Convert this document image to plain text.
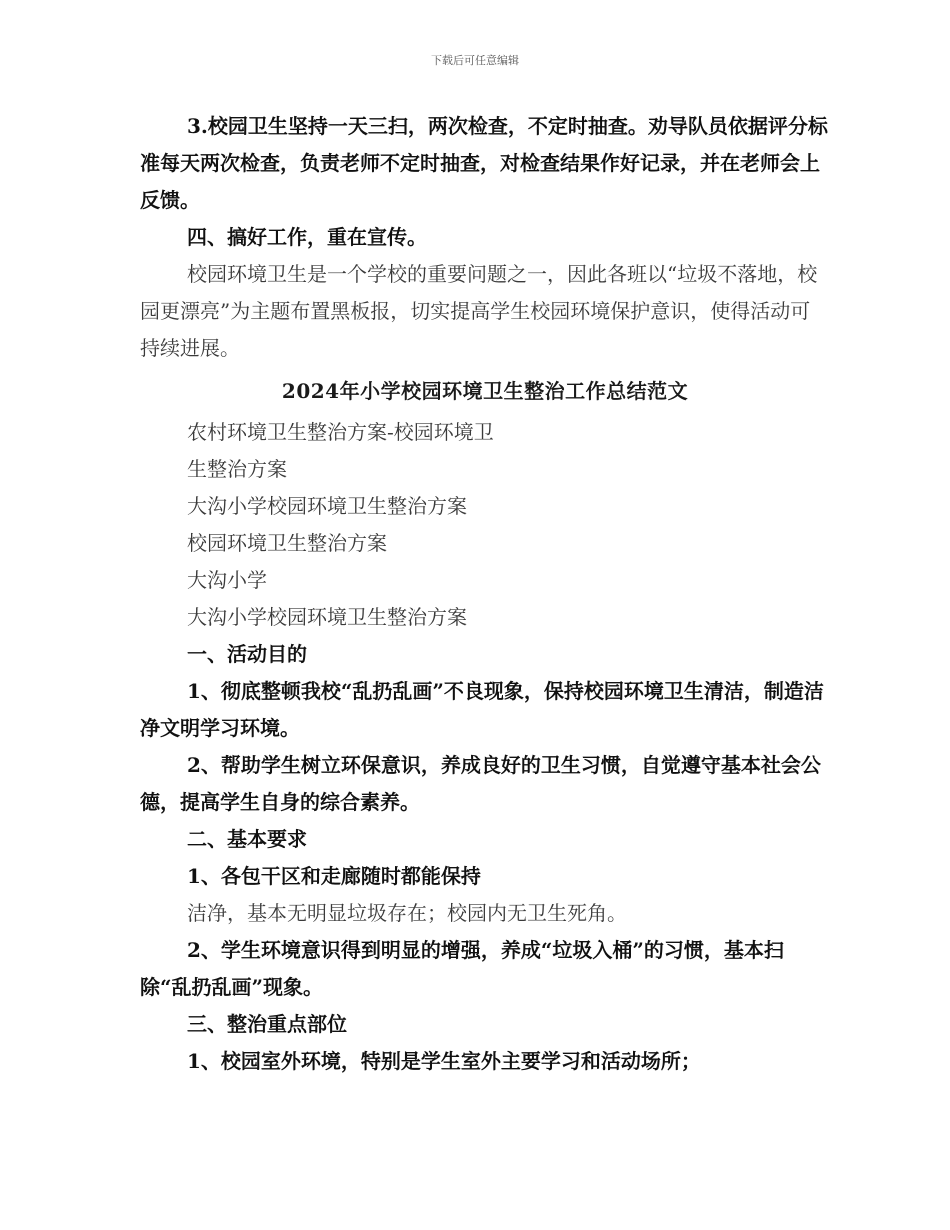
下载后可任意编辑

3.校园卫生坚持一天三扫，两次检查，不定时抽查。劝导队员依据评分标准每天两次检查，负责老师不定时抽查，对检查结果作好记录，并在老师会上反馈。

四、搞好工作，重在宣传。

校园环境卫生是一个学校的重要问题之一，因此各班以“垃圾不落地，校园更漂亮”为主题布置黑板报，切实提高学生校园环境保护意识，使得活动可持续进展。

2024年小学校园环境卫生整治工作总结范文

农村环境卫生整治方案-校园环境卫

生整治方案

大沟小学校园环境卫生整治方案

校园环境卫生整治方案

大沟小学

大沟小学校园环境卫生整治方案

一、活动目的

1、彻底整顿我校“乱扔乱画”不良现象，保持校园环境卫生清洁，制造洁净文明学习环境。

2、帮助学生树立环保意识，养成良好的卫生习惯，自觉遵守基本社会公德，提高学生自身的综合素养。

二、基本要求

1、各包干区和走廊随时都能保持

洁净，基本无明显垃圾存在；校园内无卫生死角。

2、学生环境意识得到明显的增强，养成“垃圾入桶”的习惯，基本扫除“乱扔乱画”现象。

三、整治重点部位

1、校园室外环境，特别是学生室外主要学习和活动场所；
